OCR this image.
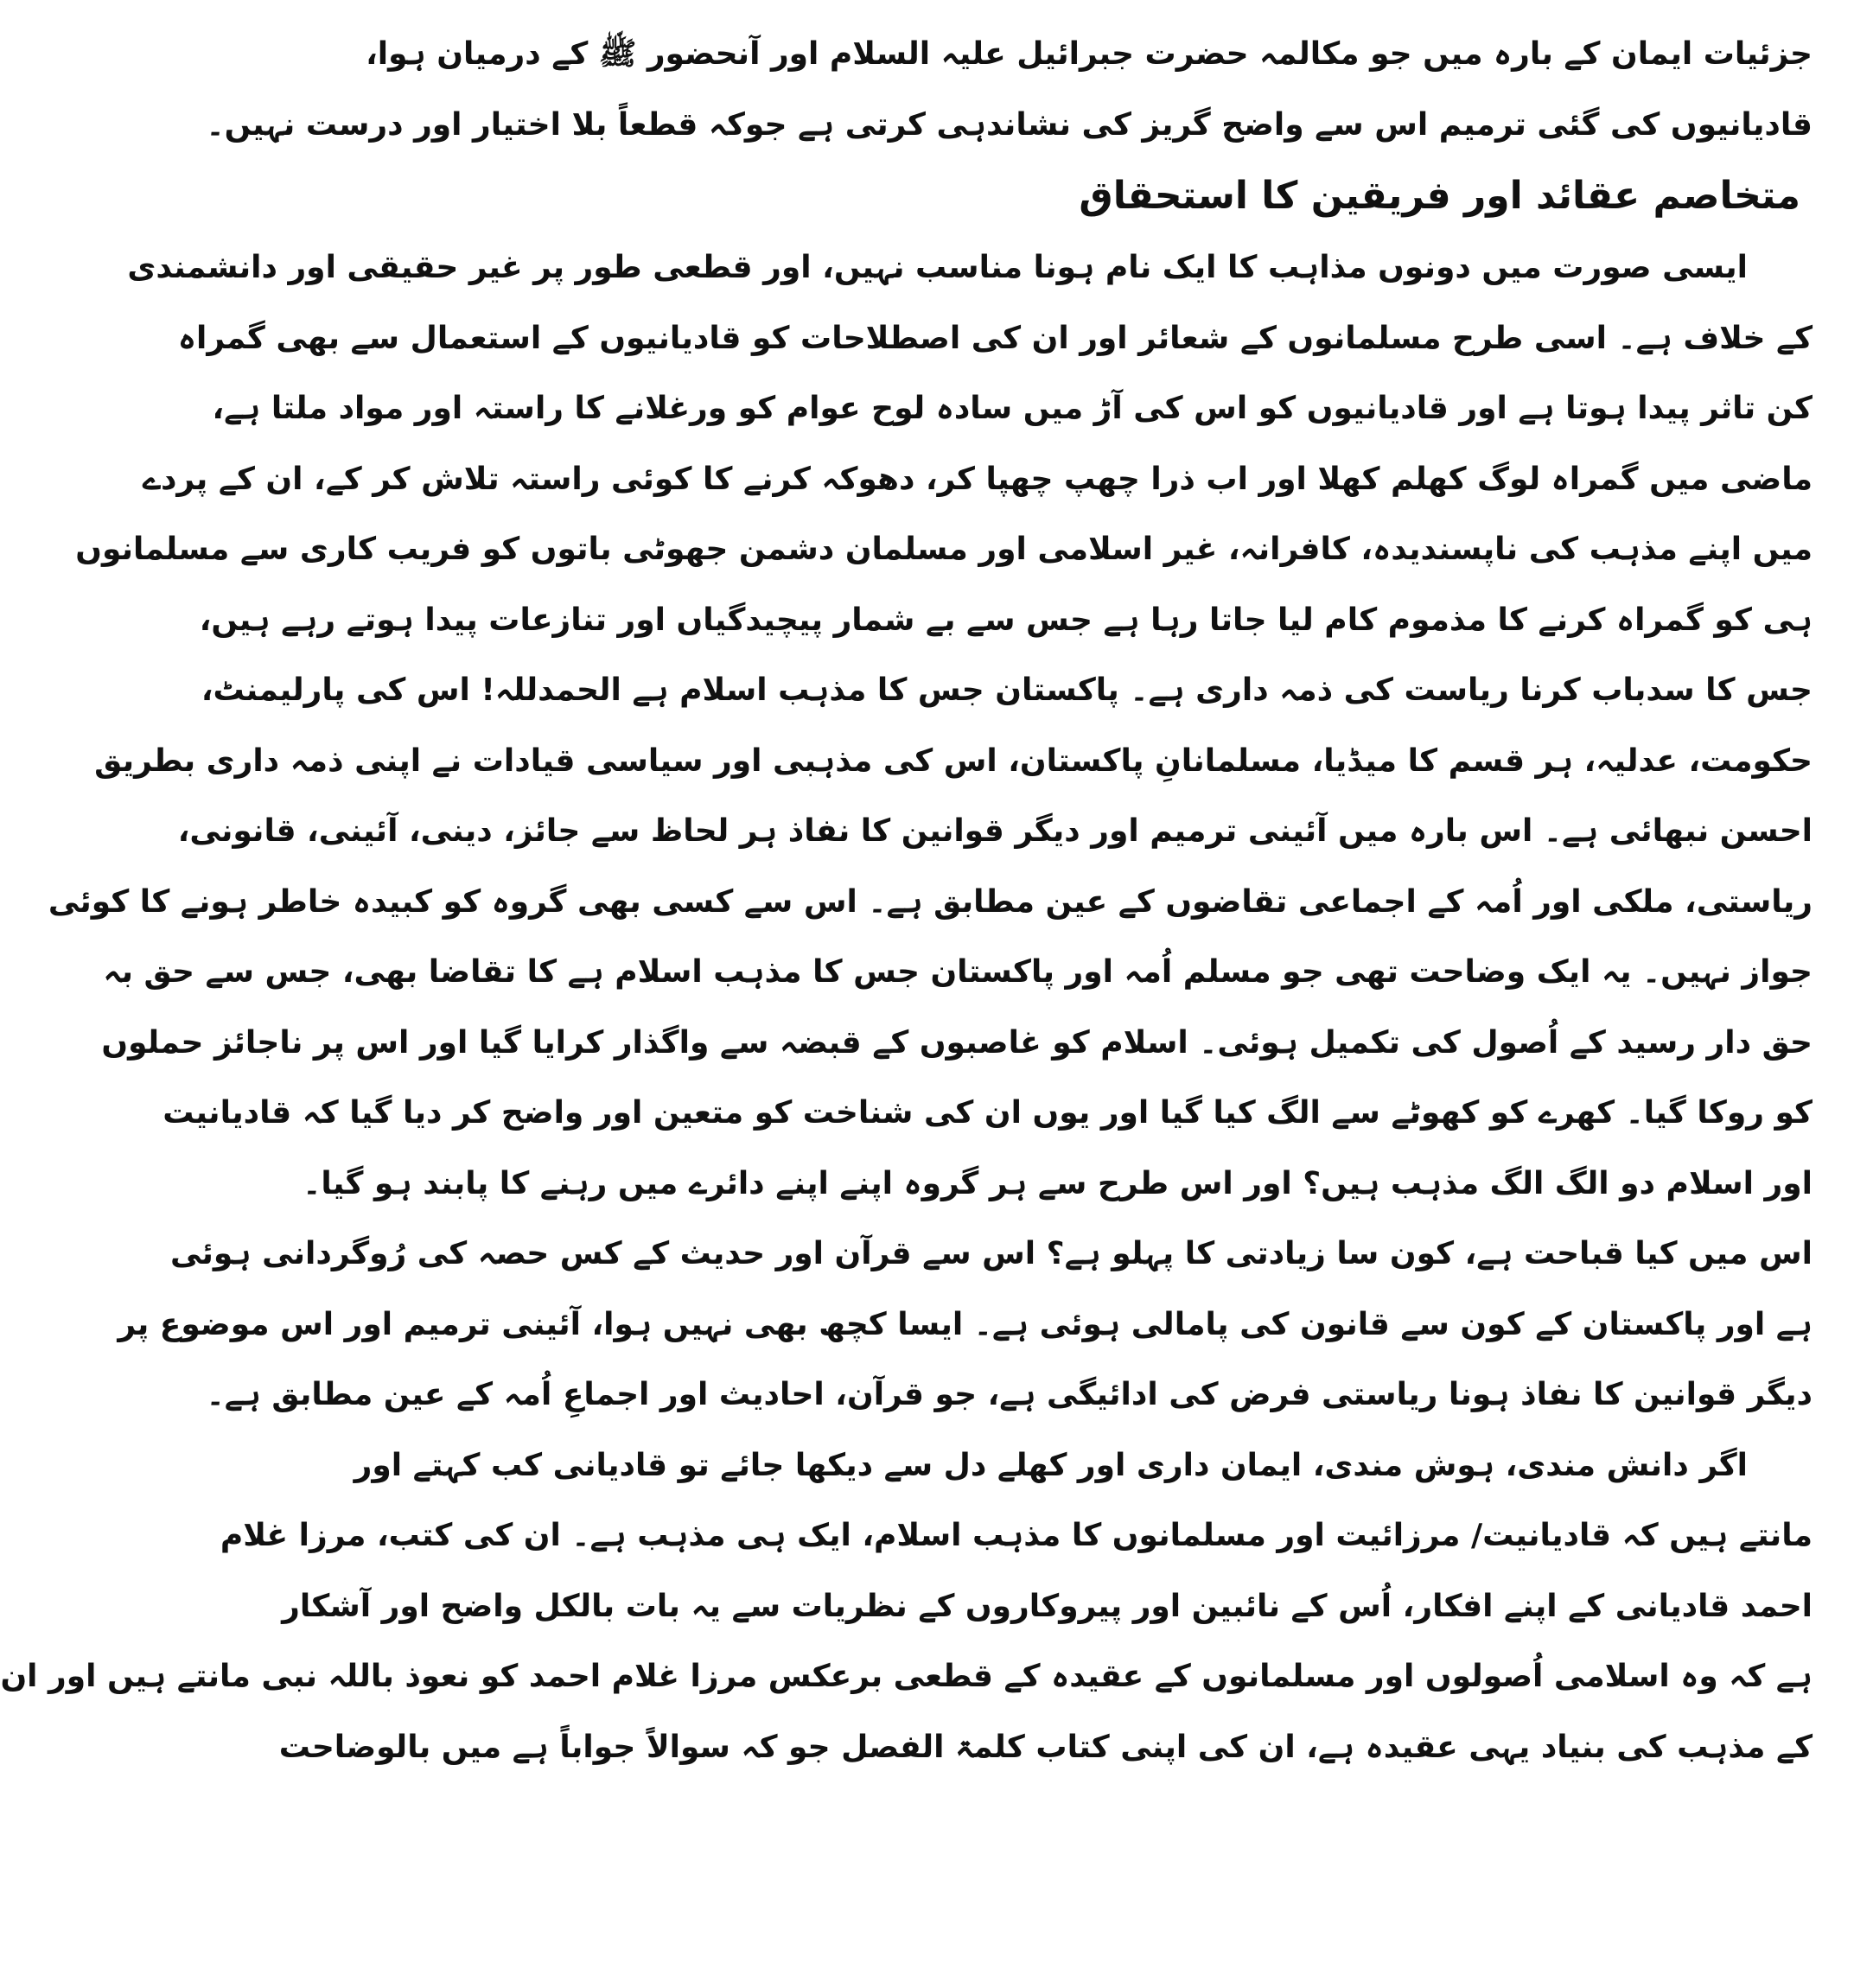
جزئیات ایمان کے بارہ میں جو مکالمہ حضرت جبرائیل علیہ السلام اور آنحضور ﷺ کے درمیان ہوا،
قادیانیوں کی گئی ترمیم اس سے واضح گریز کی نشاندہی کرتی ہے جوکہ قطعاً بلا اختیار اور درست نہیں۔
متخاصم عقائد اور فریقین کا استحقاق
ایسی صورت میں دونوں مذاہب کا ایک نام ہونا مناسب نہیں، اور قطعی طور پر غیر حقیقی اور دانشمندی
کے خلاف ہے۔ اسی طرح مسلمانوں کے شعائر اور ان کی اصطلاحات کو قادیانیوں کے استعمال سے بھی گمراہ
کن تاثر پیدا ہوتا ہے اور قادیانیوں کو اس کی آڑ میں سادہ لوح عوام کو ورغلانے کا راستہ اور مواد ملتا ہے،
ماضی میں گمراہ لوگ کھلم کھلا اور اب ذرا چھپ چھپا کر، دھوکہ کرنے کا کوئی راستہ تلاش کر کے، ان کے پردے
میں اپنے مذہب کی ناپسندیدہ، کافرانہ، غیر اسلامی اور مسلمان دشمن جھوٹی باتوں کو فریب کاری سے مسلمانوں
ہی کو گمراہ کرنے کا مذموم کام لیا جاتا رہا ہے جس سے بے شمار پیچیدگیاں اور تنازعات پیدا ہوتے رہے ہیں،
جس کا سدباب کرنا ریاست کی ذمہ داری ہے۔ پاکستان جس کا مذہب اسلام ہے الحمدللہ! اس کی پارلیمنٹ،
حکومت، عدلیہ، ہر قسم کا میڈیا، مسلمانانِ پاکستان، اس کی مذہبی اور سیاسی قیادات نے اپنی ذمہ داری بطریق
احسن نبھائی ہے۔ اس بارہ میں آئینی ترمیم اور دیگر قوانین کا نفاذ ہر لحاظ سے جائز، دینی، آئینی، قانونی،
ریاستی، ملکی اور اُمہ کے اجماعی تقاضوں کے عین مطابق ہے۔ اس سے کسی بھی گروہ کو کبیدہ خاطر ہونے کا کوئی
جواز نہیں۔ یہ ایک وضاحت تھی جو مسلم اُمہ اور پاکستان جس کا مذہب اسلام ہے کا تقاضا بھی، جس سے حق بہ
حق دار رسید کے اُصول کی تکمیل ہوئی۔ اسلام کو غاصبوں کے قبضہ سے واگذار کرایا گیا اور اس پر ناجائز حملوں
کو روکا گیا۔ کھرے کو کھوٹے سے الگ کیا گیا اور یوں ان کی شناخت کو متعین اور واضح کر دیا گیا کہ قادیانیت
اور اسلام دو الگ الگ مذہب ہیں؟ اور اس طرح سے ہر گروہ اپنے اپنے دائرے میں رہنے کا پابند ہو گیا۔
اس میں کیا قباحت ہے، کون سا زیادتی کا پہلو ہے؟ اس سے قرآن اور حدیث کے کس حصہ کی رُوگردانی ہوئی
ہے اور پاکستان کے کون سے قانون کی پامالی ہوئی ہے۔ ایسا کچھ بھی نہیں ہوا، آئینی ترمیم اور اس موضوع پر
دیگر قوانین کا نفاذ ہونا ریاستی فرض کی ادائیگی ہے، جو قرآن، احادیث اور اجماعِ اُمہ کے عین مطابق ہے۔
اگر دانش مندی، ہوش مندی، ایمان داری اور کھلے دل سے دیکھا جائے تو قادیانی کب کہتے اور
مانتے ہیں کہ قادیانیت/ مرزائیت اور مسلمانوں کا مذہب اسلام، ایک ہی مذہب ہے۔ ان کی کتب، مرزا غلام
احمد قادیانی کے اپنے افکار، اُس کے نائبین اور پیروکاروں کے نظریات سے یہ بات بالکل واضح اور آشکار
ہے کہ وہ اسلامی اُصولوں اور مسلمانوں کے عقیدہ کے قطعی برعکس مرزا غلام احمد کو نعوذ باللہ نبی مانتے ہیں اور ان
کے مذہب کی بنیاد یہی عقیدہ ہے، ان کی اپنی کتاب کلمۃ الفصل جو کہ سوالاً جواباً ہے میں بالوضاحت
